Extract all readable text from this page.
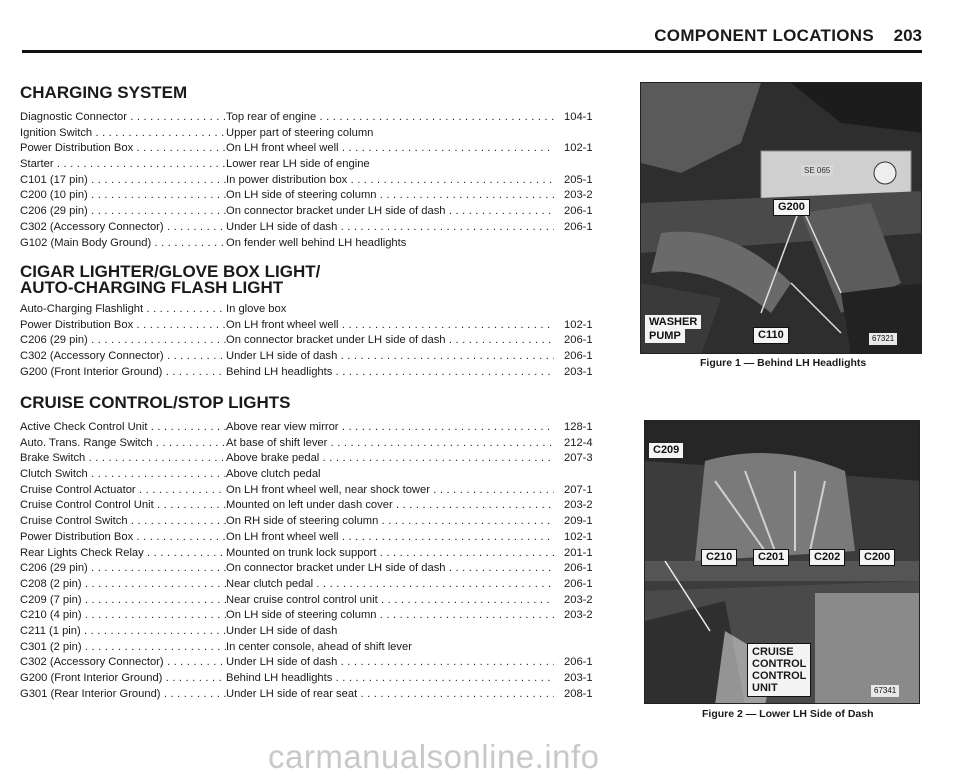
COMPONENT LOCATIONS 203
CHARGING SYSTEM
Diagnostic Connector . . .	Top rear of engine . . .	104-1
Ignition Switch . . .	Upper part of steering column
Power Distribution Box . . .	On LH front wheel well . . .	102-1
Starter . . .	Lower rear LH side of engine
C101 (17 pin) . . .	In power distribution box . . .	205-1
C200 (10 pin) . . .	On LH side of steering column . . .	203-2
C206 (29 pin) . . .	On connector bracket under LH side of dash . . .	206-1
C302 (Accessory Connector) . . .	Under LH side of dash . . .	206-1
G102 (Main Body Ground) . . .	On fender well behind LH headlights
CIGAR LIGHTER/GLOVE BOX LIGHT/
AUTO-CHARGING FLASH LIGHT
Auto-Charging Flashlight . . .	In glove box
Power Distribution Box . . .	On LH front wheel well . . .	102-1
C206 (29 pin) . . .	On connector bracket under LH side of dash . . .	206-1
C302 (Accessory Connector) . . .	Under LH side of dash . . .	206-1
G200 (Front Interior Ground) . . .	Behind LH headlights . . .	203-1
CRUISE CONTROL/STOP LIGHTS
Active Check Control Unit . . .	Above rear view mirror . . .	128-1
Auto. Trans. Range Switch . . .	At base of shift lever . . .	212-4
Brake Switch . . .	Above brake pedal . . .	207-3
Clutch Switch . . .	Above clutch pedal
Cruise Control Actuator . . .	On LH front wheel well, near shock tower . . .	207-1
Cruise Control Control Unit . . .	Mounted on left under dash cover . . .	203-2
Cruise Control Switch . . .	On RH side of steering column . . .	209-1
Power Distribution Box . . .	On LH front wheel well . . .	102-1
Rear Lights Check Relay . . .	Mounted on trunk lock support . . .	201-1
C206 (29 pin) . . .	On connector bracket under LH side of dash . . .	206-1
C208 (2 pin) . . .	Near clutch pedal . . .	206-1
C209 (7 pin) . . .	Near cruise control control unit . . .	203-2
C210 (4 pin) . . .	On LH side of steering column . . .	203-2
C211 (1 pin) . . .	Under LH side of dash
C301 (2 pin) . . .	In center console, ahead of shift lever
C302 (Accessory Connector) . . .	Under LH side of dash . . .	206-1
G200 (Front Interior Ground) . . .	Behind LH headlights . . .	203-1
G301 (Rear Interior Ground) . . .	Under LH side of rear seat . . .	208-1
SE 065
G200
WASHER
PUMP	C110	67321
Figure 1 — Behind LH Headlights
C209
C210	C201	C202	C200
CRUISE
CONTROL
CONTROL
UNIT	67341
Figure 2 — Lower LH Side of Dash
carmanualsonline.info
